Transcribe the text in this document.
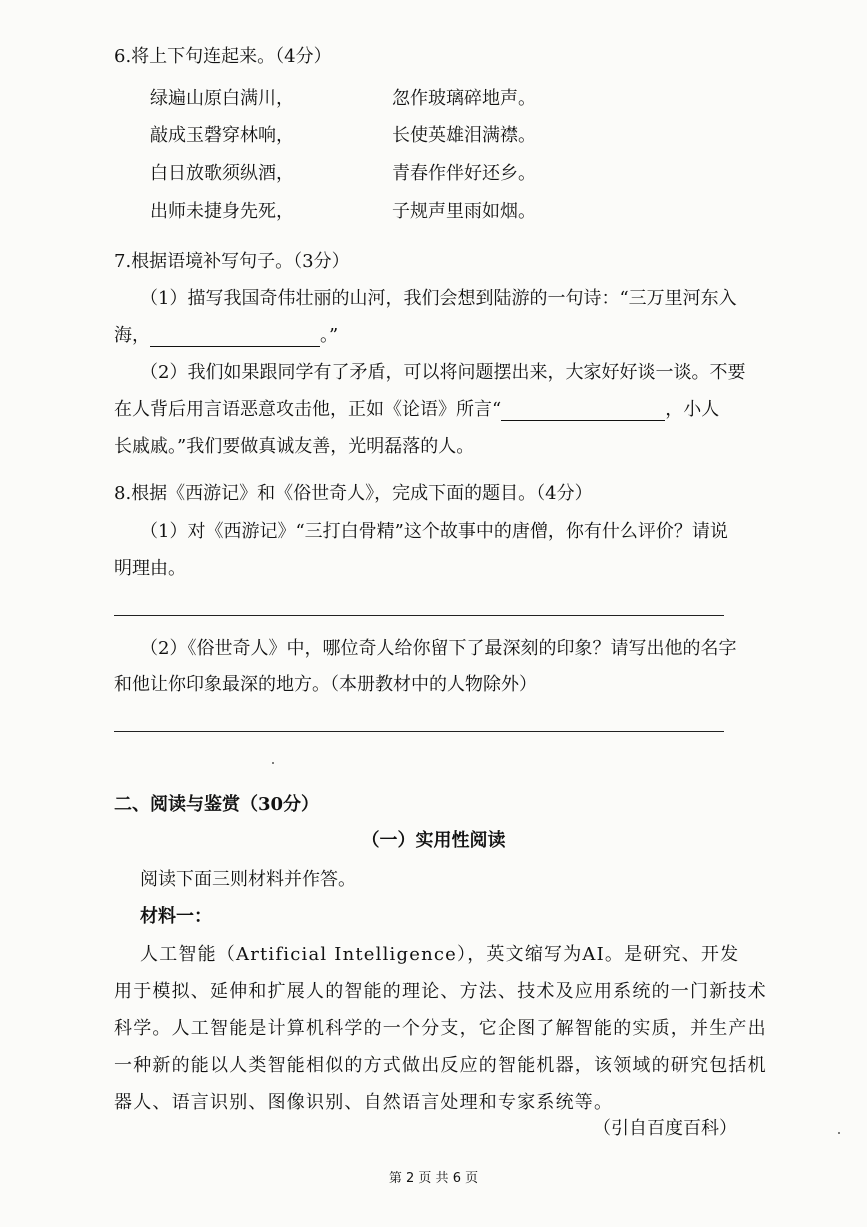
6.将上下句连起来。（4分）
绿遍山原白满川，	忽作玻璃碎地声。
敲成玉磬穿林响，	长使英雄泪满襟。
白日放歌须纵酒，	青春作伴好还乡。
出师未捷身先死，	子规声里雨如烟。
7.根据语境补写句子。（3分）
（1）描写我国奇伟壮丽的山河，我们会想到陆游的一句诗：“三万里河东入
海，	。”
（2）我们如果跟同学有了矛盾，可以将问题摆出来，大家好好谈一谈。不要
在人背后用言语恶意攻击他，正如《论语》所言“	，小人
长戚戚。”我们要做真诚友善，光明磊落的人。
8.根据《西游记》和《俗世奇人》，完成下面的题目。（4分）
（1）对《西游记》“三打白骨精”这个故事中的唐僧，你有什么评价？请说
明理由。
（2）《俗世奇人》中，哪位奇人给你留下了最深刻的印象？请写出他的名字
和他让你印象最深的地方。（本册教材中的人物除外）
二、阅读与鉴赏（30分）
（一）实用性阅读
阅读下面三则材料并作答。
材料一：
人工智能（Artificial Intelligence），英文缩写为AI。是研究、开发
用于模拟、延伸和扩展人的智能的理论、方法、技术及应用系统的一门新技术
科学。人工智能是计算机科学的一个分支，它企图了解智能的实质，并生产出
一种新的能以人类智能相似的方式做出反应的智能机器，该领域的研究包括机
器人、语言识别、图像识别、自然语言处理和专家系统等。
（引自百度百科）
第 2 页 共 6 页
